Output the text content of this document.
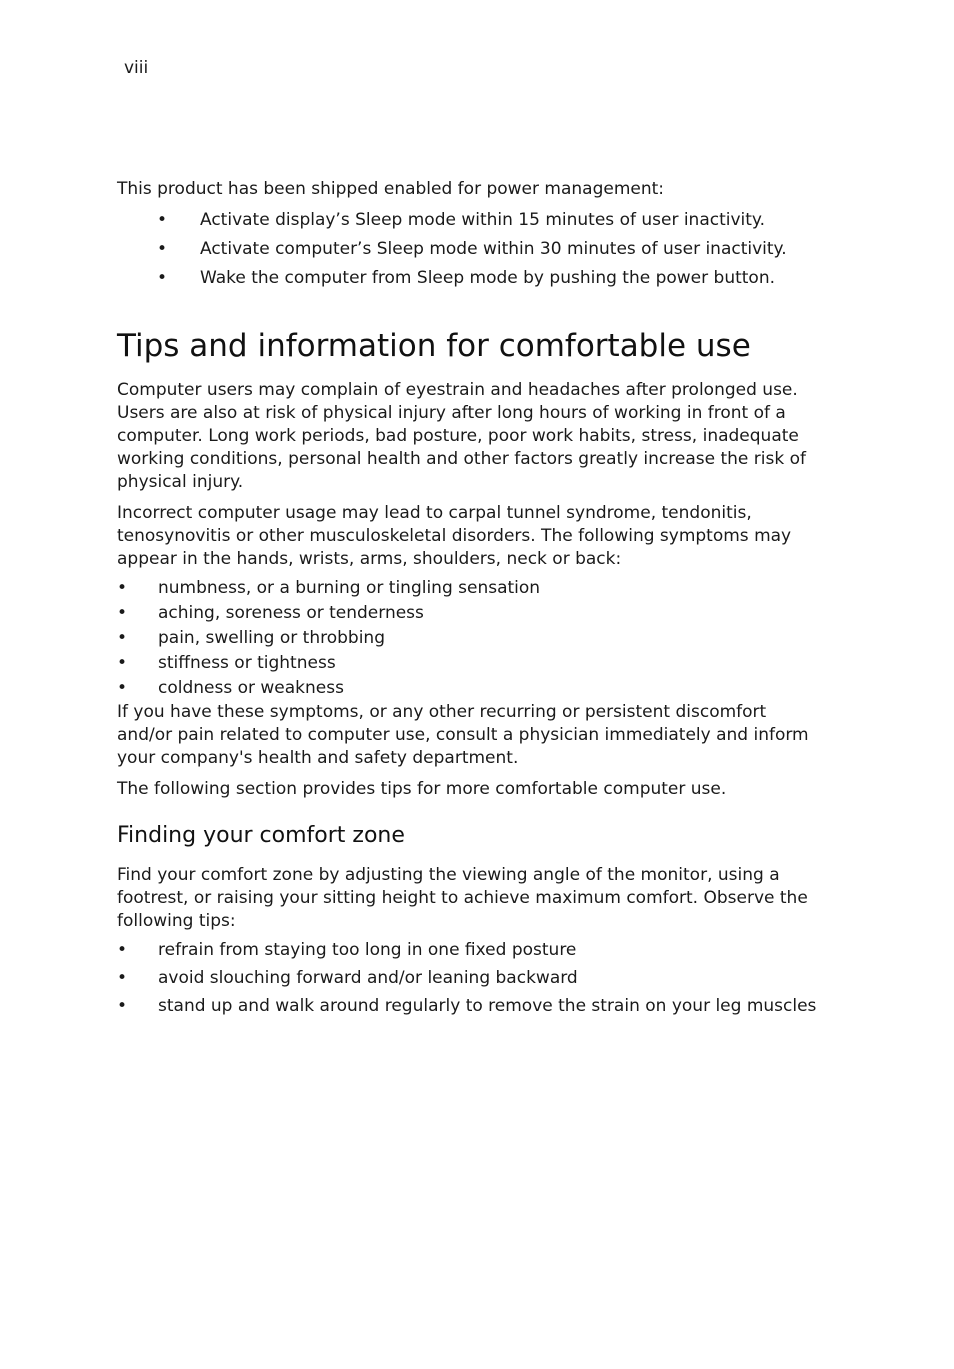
viii

This product has been shipped enabled for power management:

• Activate display’s Sleep mode within 15 minutes of user inactivity.
• Activate computer’s Sleep mode within 30 minutes of user inactivity.
• Wake the computer from Sleep mode by pushing the power button.
Tips and information for comfortable use

Computer users may complain of eyestrain and headaches after prolonged use. Users are also at risk of physical injury after long hours of working in front of a computer. Long work periods, bad posture, poor work habits, stress, inadequate working conditions, personal health and other factors greatly increase the risk of physical injury.

Incorrect computer usage may lead to carpal tunnel syndrome, tendonitis, tenosynovitis or other musculoskeletal disorders. The following symptoms may appear in the hands, wrists, arms, shoulders, neck or back:

• numbness, or a burning or tingling sensation
• aching, soreness or tenderness
• pain, swelling or throbbing
• stiffness or tightness
• coldness or weakness

If you have these symptoms, or any other recurring or persistent discomfort and/or pain related to computer use, consult a physician immediately and inform your company's health and safety department.

The following section provides tips for more comfortable computer use.

Finding your comfort zone

Find your comfort zone by adjusting the viewing angle of the monitor, using a footrest, or raising your sitting height to achieve maximum comfort. Observe the following tips:

• refrain from staying too long in one fixed posture
• avoid slouching forward and/or leaning backward
• stand up and walk around regularly to remove the strain on your leg muscles
